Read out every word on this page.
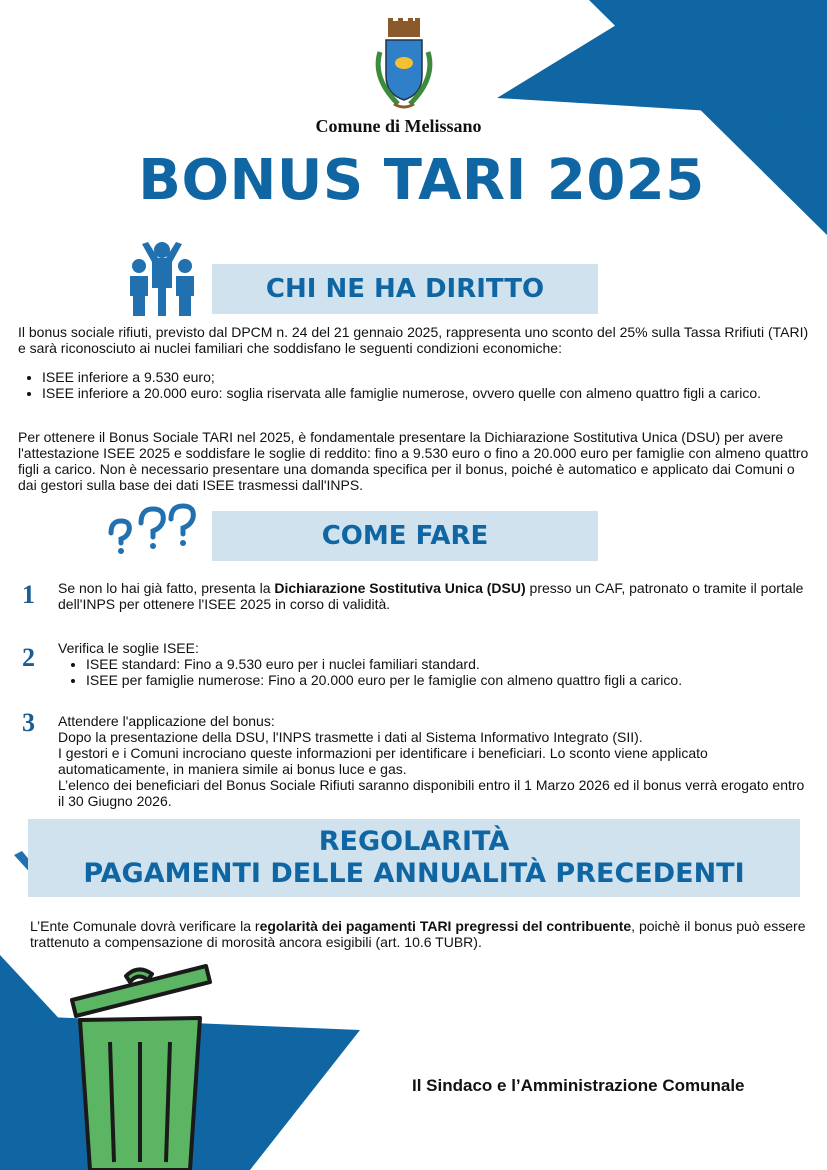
Comune di Melissano
BONUS TARI 2025
CHI NE HA DIRITTO
Il bonus sociale rifiuti, previsto dal DPCM n. 24 del 21 gennaio 2025, rappresenta uno sconto del 25% sulla Tassa Rrifiuti (TARI) e sarà riconosciuto ai nuclei familiari che soddisfano le seguenti condizioni economiche:
• ISEE inferiore a 9.530 euro;
• ISEE inferiore a 20.000 euro: soglia riservata alle famiglie numerose, ovvero quelle con almeno quattro figli a carico.
Per ottenere il Bonus Sociale TARI nel 2025, è fondamentale presentare la Dichiarazione Sostitutiva Unica (DSU) per avere l'attestazione ISEE 2025 e soddisfare le soglie di reddito: fino a 9.530 euro o fino a 20.000 euro per famiglie con almeno quattro figli a carico. Non è necessario presentare una domanda specifica per il bonus, poiché è automatico e applicato dai Comuni o dai gestori sulla base dei dati ISEE trasmessi dall'INPS.
COME FARE
1	Se non lo hai già fatto, presenta la Dichiarazione Sostitutiva Unica (DSU) presso un CAF, patronato o tramite il portale dell'INPS per ottenere l'ISEE 2025 in corso di validità.
2	Verifica le soglie ISEE:
• ISEE standard: Fino a 9.530 euro per i nuclei familiari standard.
• ISEE per famiglie numerose: Fino a 20.000 euro per le famiglie con almeno quattro figli a carico.
3	Attendere l'applicazione del bonus:
Dopo la presentazione della DSU, l'INPS trasmette i dati al Sistema Informativo Integrato (SII).
I gestori e i Comuni incrociano queste informazioni per identificare i beneficiari. Lo sconto viene applicato automaticamente, in maniera simile ai bonus luce e gas.
L’elenco dei beneficiari del Bonus Sociale Rifiuti saranno disponibili entro il 1 Marzo 2026 ed il bonus verrà erogato entro il 30 Giugno 2026.
REGOLARITÀ
PAGAMENTI DELLE ANNUALITÀ PRECEDENTI
L’Ente Comunale dovrà verificare la regolarità dei pagamenti TARI pregressi del contribuente, poichè il bonus può essere trattenuto a compensazione di morosità ancora esigibili (art. 10.6 TUBR).
Il Sindaco e l’Amministrazione Comunale
